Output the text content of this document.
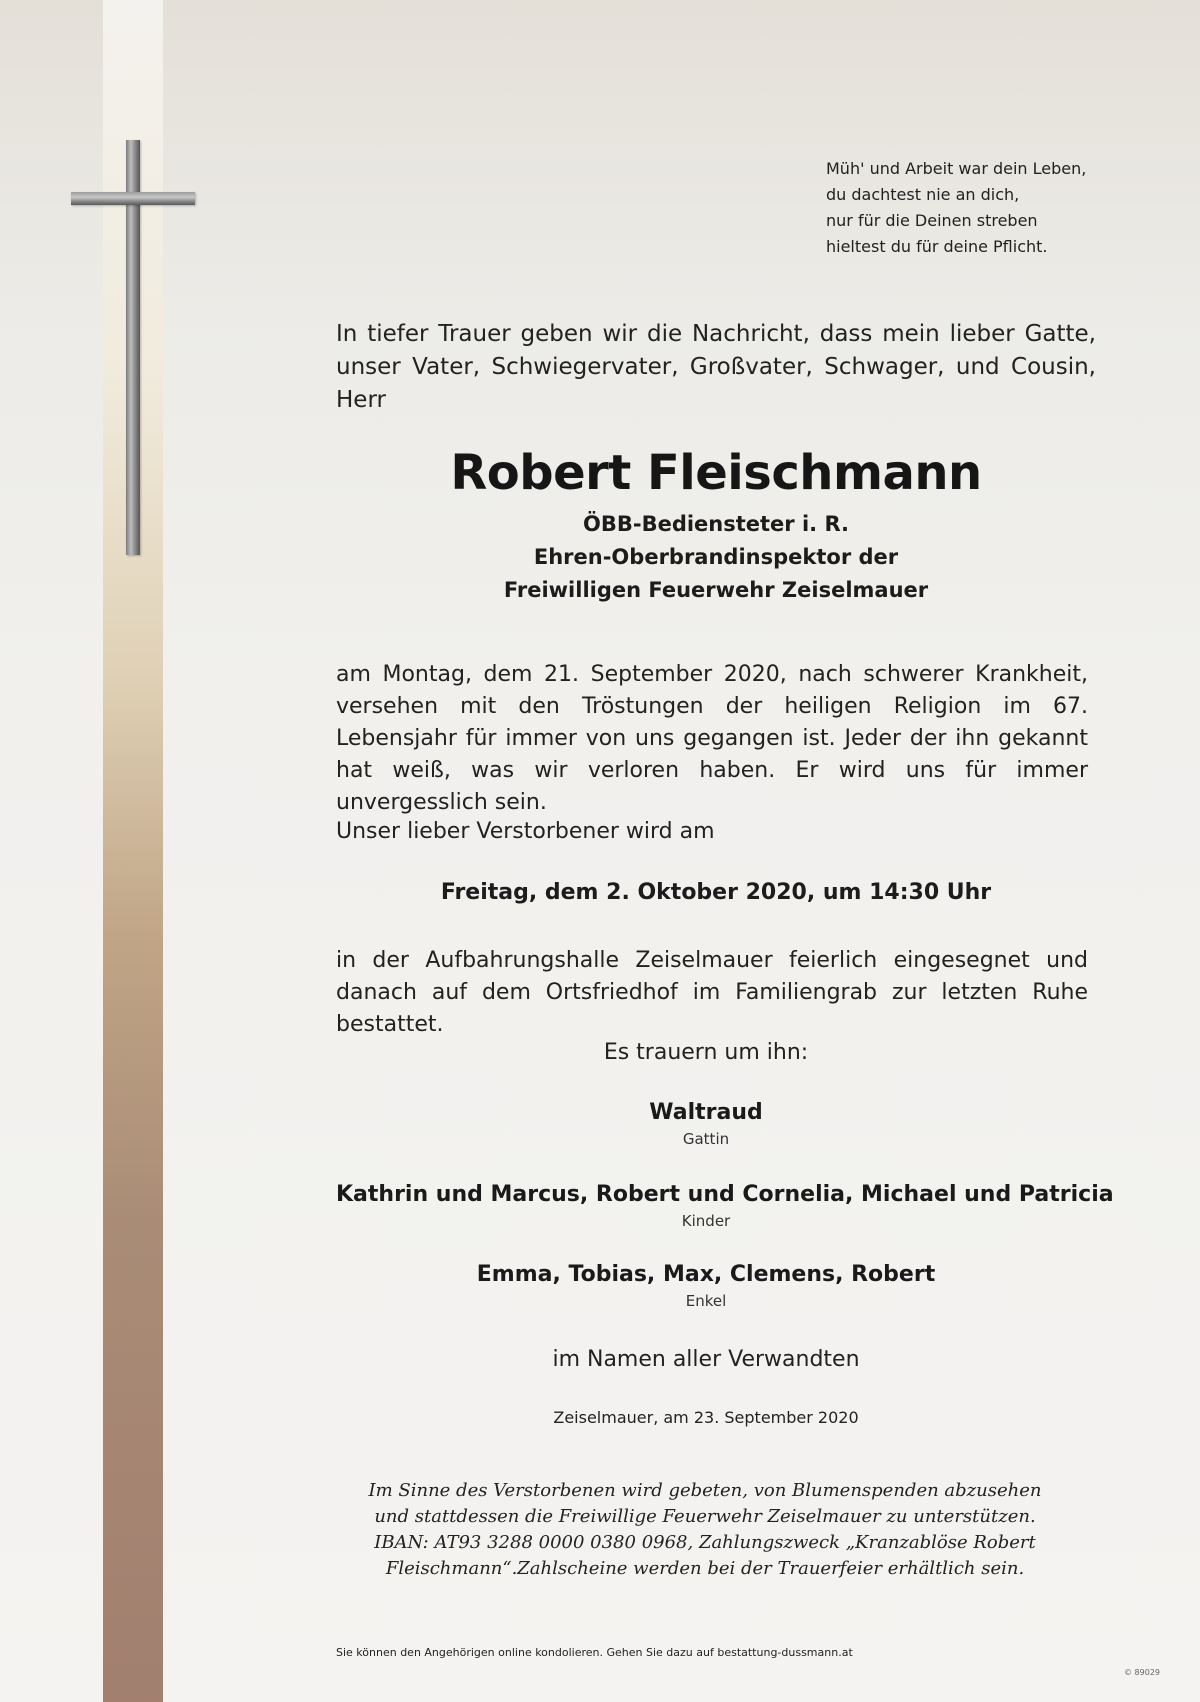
Müh' und Arbeit war dein Leben,
du dachtest nie an dich,
nur für die Deinen streben
hieltest du für deine Pflicht.
In tiefer Trauer geben wir die Nachricht, dass mein lieber Gatte, unser Vater, Schwiegervater, Großvater, Schwager, und Cousin, Herr
Robert Fleischmann
ÖBB-Bediensteter i. R.
Ehren-Oberbrandinspektor der
Freiwilligen Feuerwehr Zeiselmauer
am Montag, dem 21. September 2020, nach schwerer Krankheit, versehen mit den Tröstungen der heiligen Religion im 67. Lebensjahr für immer von uns gegangen ist. Jeder der ihn gekannt hat weiß, was wir verloren haben. Er wird uns für immer unvergesslich sein.
Unser lieber Verstorbener wird am
Freitag, dem 2. Oktober 2020, um 14:30 Uhr
in der Aufbahrungshalle Zeiselmauer feierlich eingesegnet und danach auf dem Ortsfriedhof im Familiengrab zur letzten Ruhe bestattet.
Es trauern um ihn:
Waltraud
Gattin
Kathrin und Marcus, Robert und Cornelia, Michael und Patricia
Kinder
Emma, Tobias, Max, Clemens, Robert
Enkel
im Namen aller Verwandten
Zeiselmauer, am 23. September 2020
Im Sinne des Verstorbenen wird gebeten, von Blumenspenden abzusehen
und stattdessen die Freiwillige Feuerwehr Zeiselmauer zu unterstützen.
IBAN: AT93 3288 0000 0380 0968, Zahlungszweck „Kranzablöse Robert
Fleischmann“.Zahlscheine werden bei der Trauerfeier erhältlich sein.
Sie können den Angehörigen online kondolieren. Gehen Sie dazu auf bestattung-dussmann.at
© 89029
